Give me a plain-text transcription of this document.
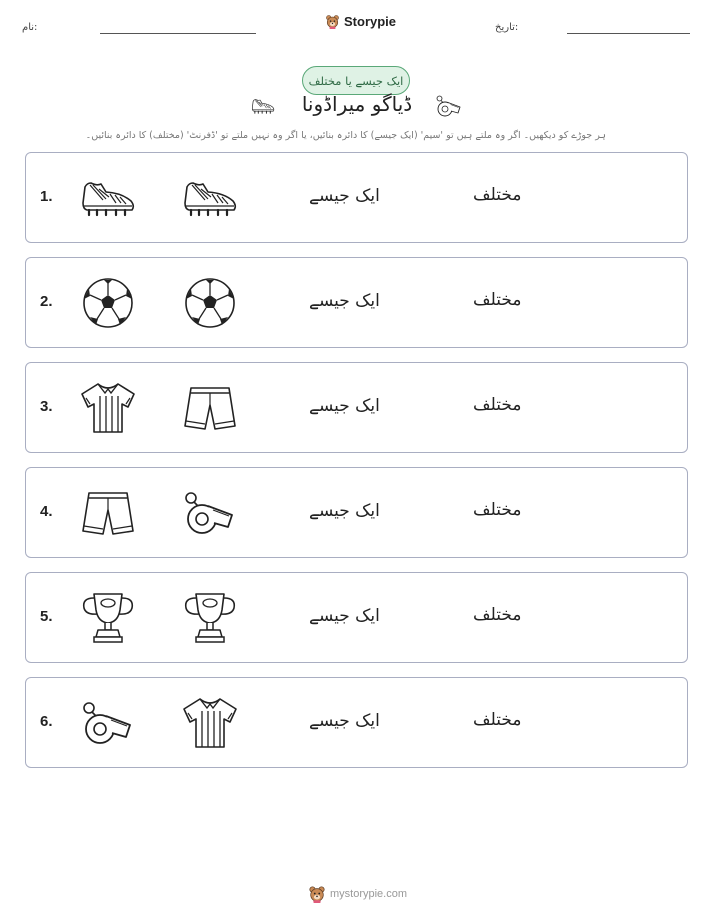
نام:	Storypie	تاریخ:
ایک جیسے یا مختلف
ڈیاگو میراڈونا
ہر جوڑے کو دیکھیں۔ اگر وہ ملتے ہیں تو 'سیم' (ایک جیسے) کا دائرہ بنائیں، یا اگر وہ نہیں ملتے تو 'ڈفرنٹ' (مختلف) کا دائرہ بنائیں۔
1.	ایک جیسے	مختلف
2.	ایک جیسے	مختلف
3.	ایک جیسے	مختلف
4.	ایک جیسے	مختلف
5.	ایک جیسے	مختلف
6.	ایک جیسے	مختلف
mystorypie.com
